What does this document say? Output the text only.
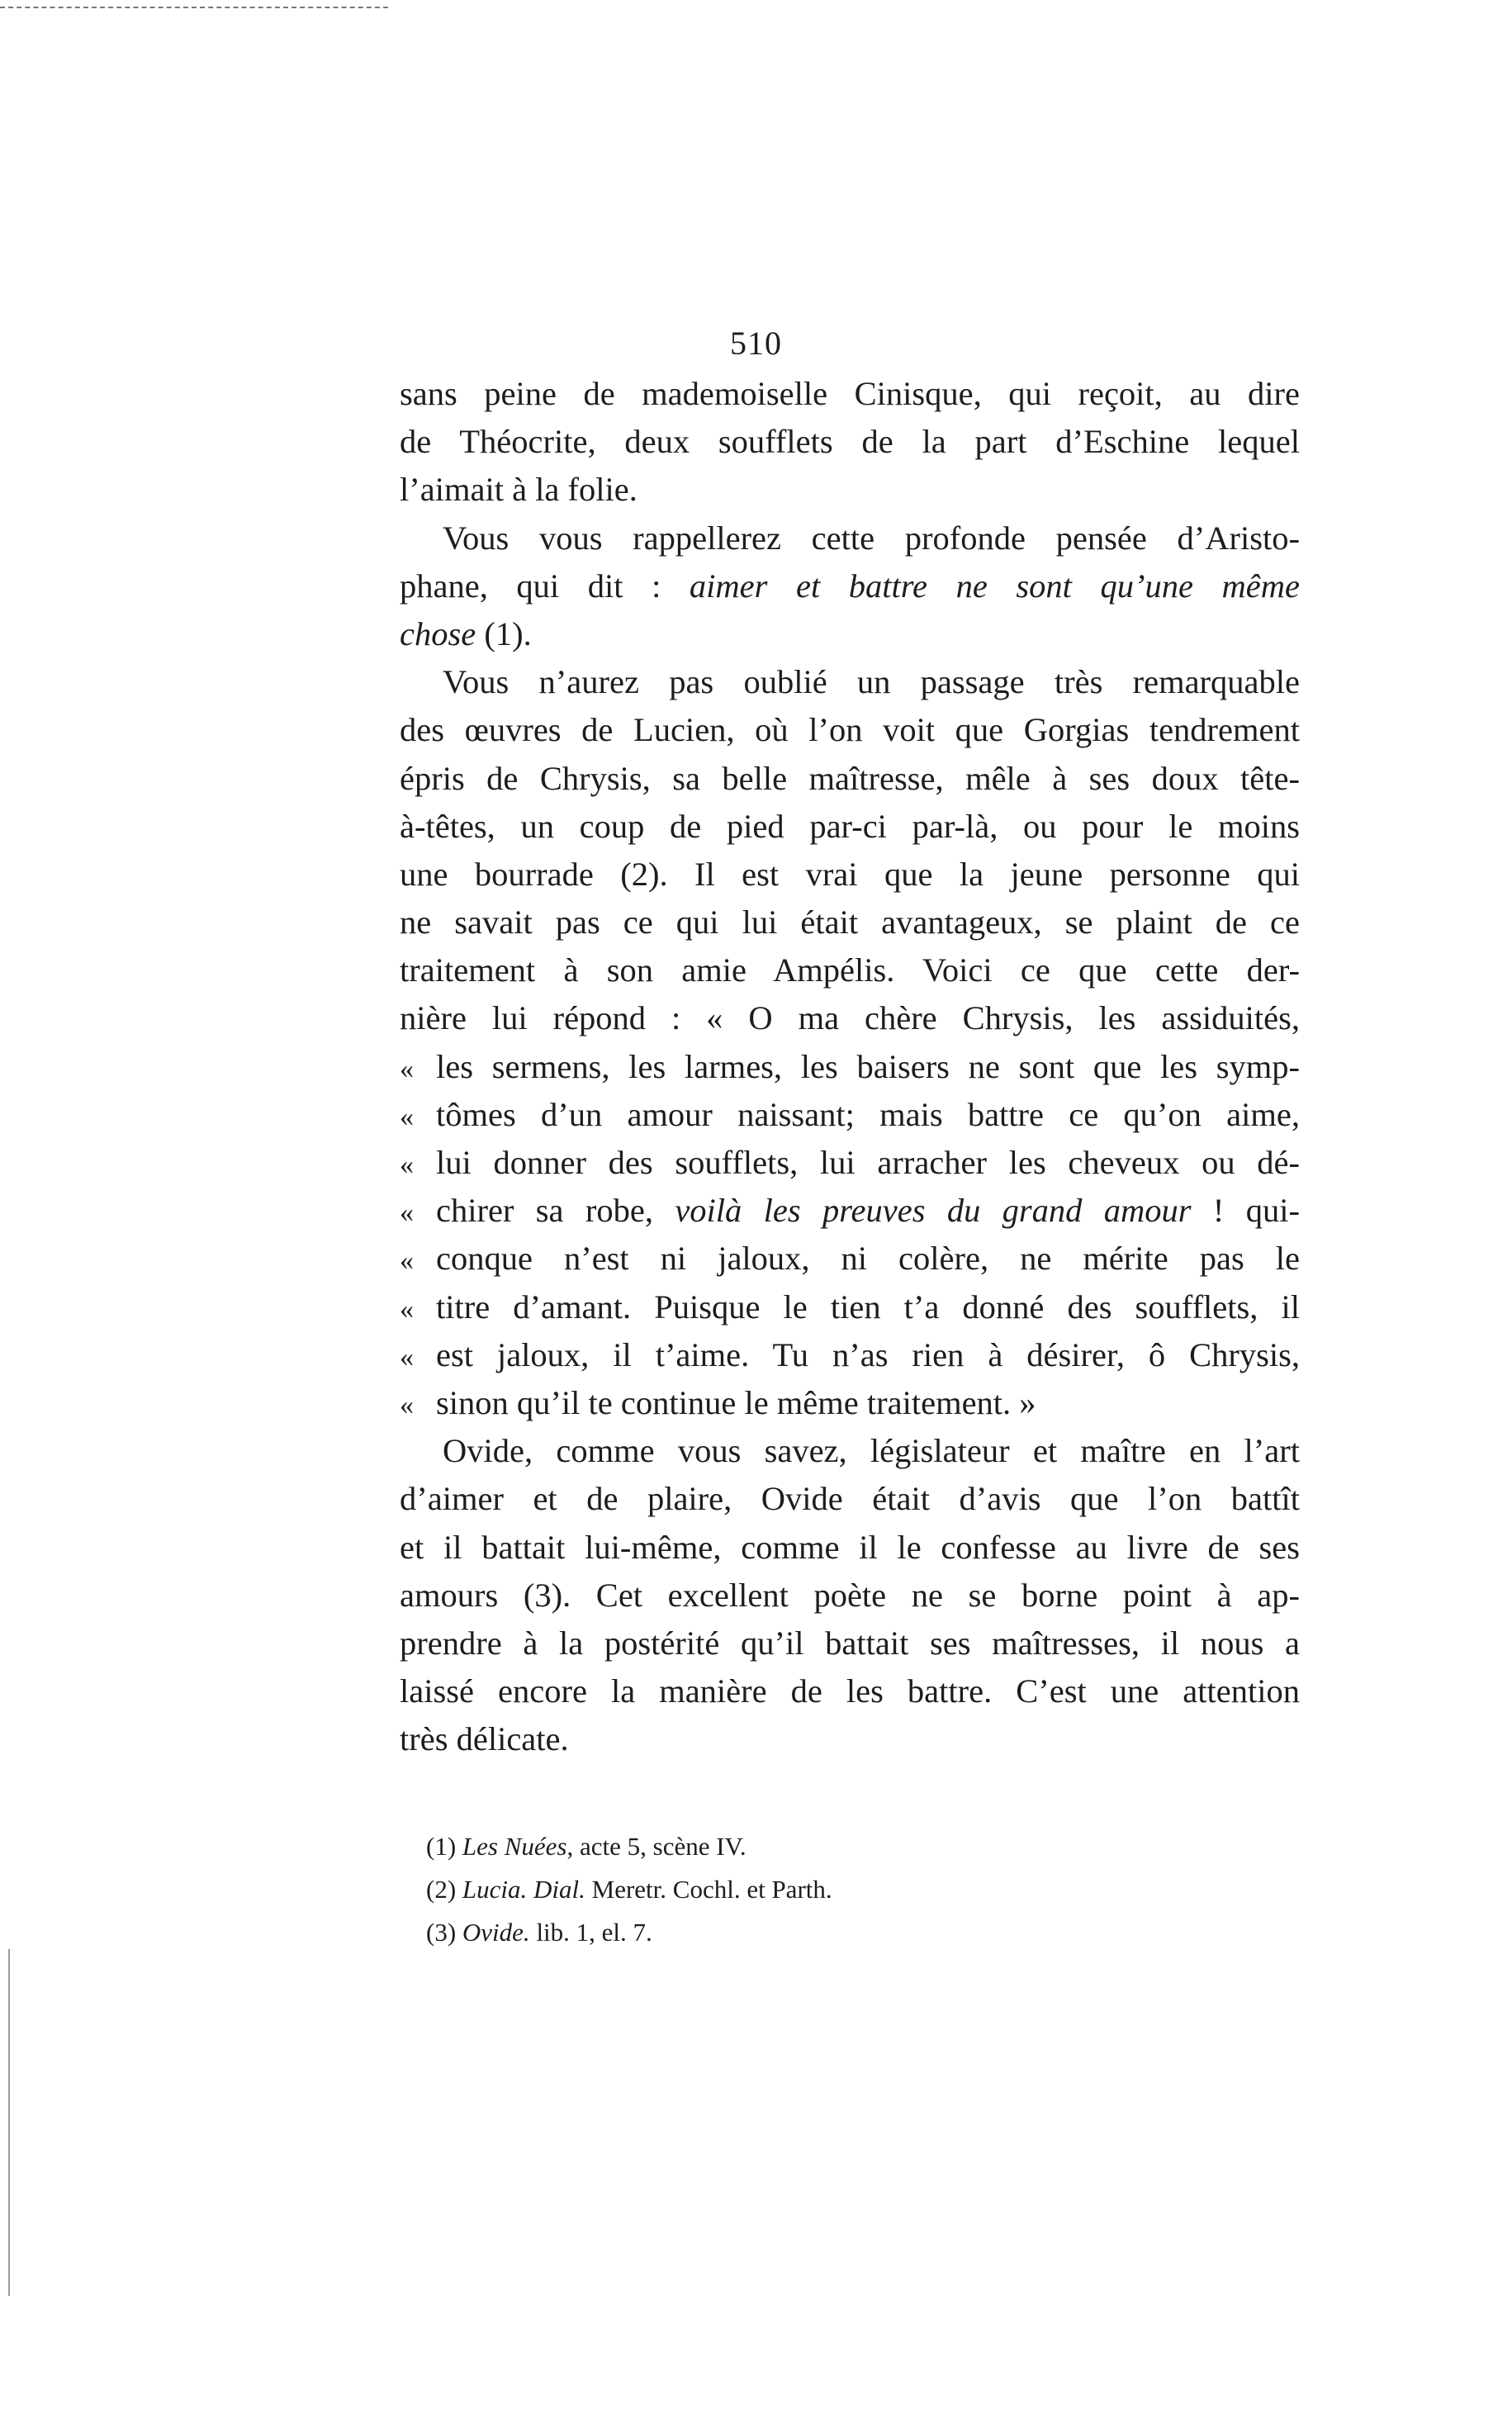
510
sans peine de mademoiselle Cinisque, qui reçoit, au dire
de Théocrite, deux soufflets de la part d’Eschine lequel
l’aimait à la folie.
Vous vous rappellerez cette profonde pensée d’Aristo-
phane, qui dit : aimer et battre ne sont qu’une même
chose (1).
Vous n’aurez pas oublié un passage très remarquable
des œuvres de Lucien, où l’on voit que Gorgias tendrement
épris de Chrysis, sa belle maîtresse, mêle à ses doux tête-
à-têtes, un coup de pied par-ci par-là, ou pour le moins
une bourrade (2). Il est vrai que la jeune personne qui
ne savait pas ce qui lui était avantageux, se plaint de ce
traitement à son amie Ampélis. Voici ce que cette der-
nière lui répond : « O ma chère Chrysis, les assiduités,
« les sermens, les larmes, les baisers ne sont que les symp-
« tômes d’un amour naissant; mais battre ce qu’on aime,
« lui donner des soufflets, lui arracher les cheveux ou dé-
« chirer sa robe, voilà les preuves du grand amour ! qui-
« conque n’est ni jaloux, ni colère, ne mérite pas le
« titre d’amant. Puisque le tien t’a donné des soufflets, il
« est jaloux, il t’aime. Tu n’as rien à désirer, ô Chrysis,
« sinon qu’il te continue le même traitement. »
Ovide, comme vous savez, législateur et maître en l’art
d’aimer et de plaire, Ovide était d’avis que l’on battît
et il battait lui-même, comme il le confesse au livre de ses
amours (3). Cet excellent poète ne se borne point à ap-
prendre à la postérité qu’il battait ses maîtresses, il nous a
laissé encore la manière de les battre. C’est une attention
très délicate.
(1) Les Nuées, acte 5, scène IV.
(2) Lucia. Dial. Meretr. Cochl. et Parth.
(3) Ovide. lib. 1, el. 7.
